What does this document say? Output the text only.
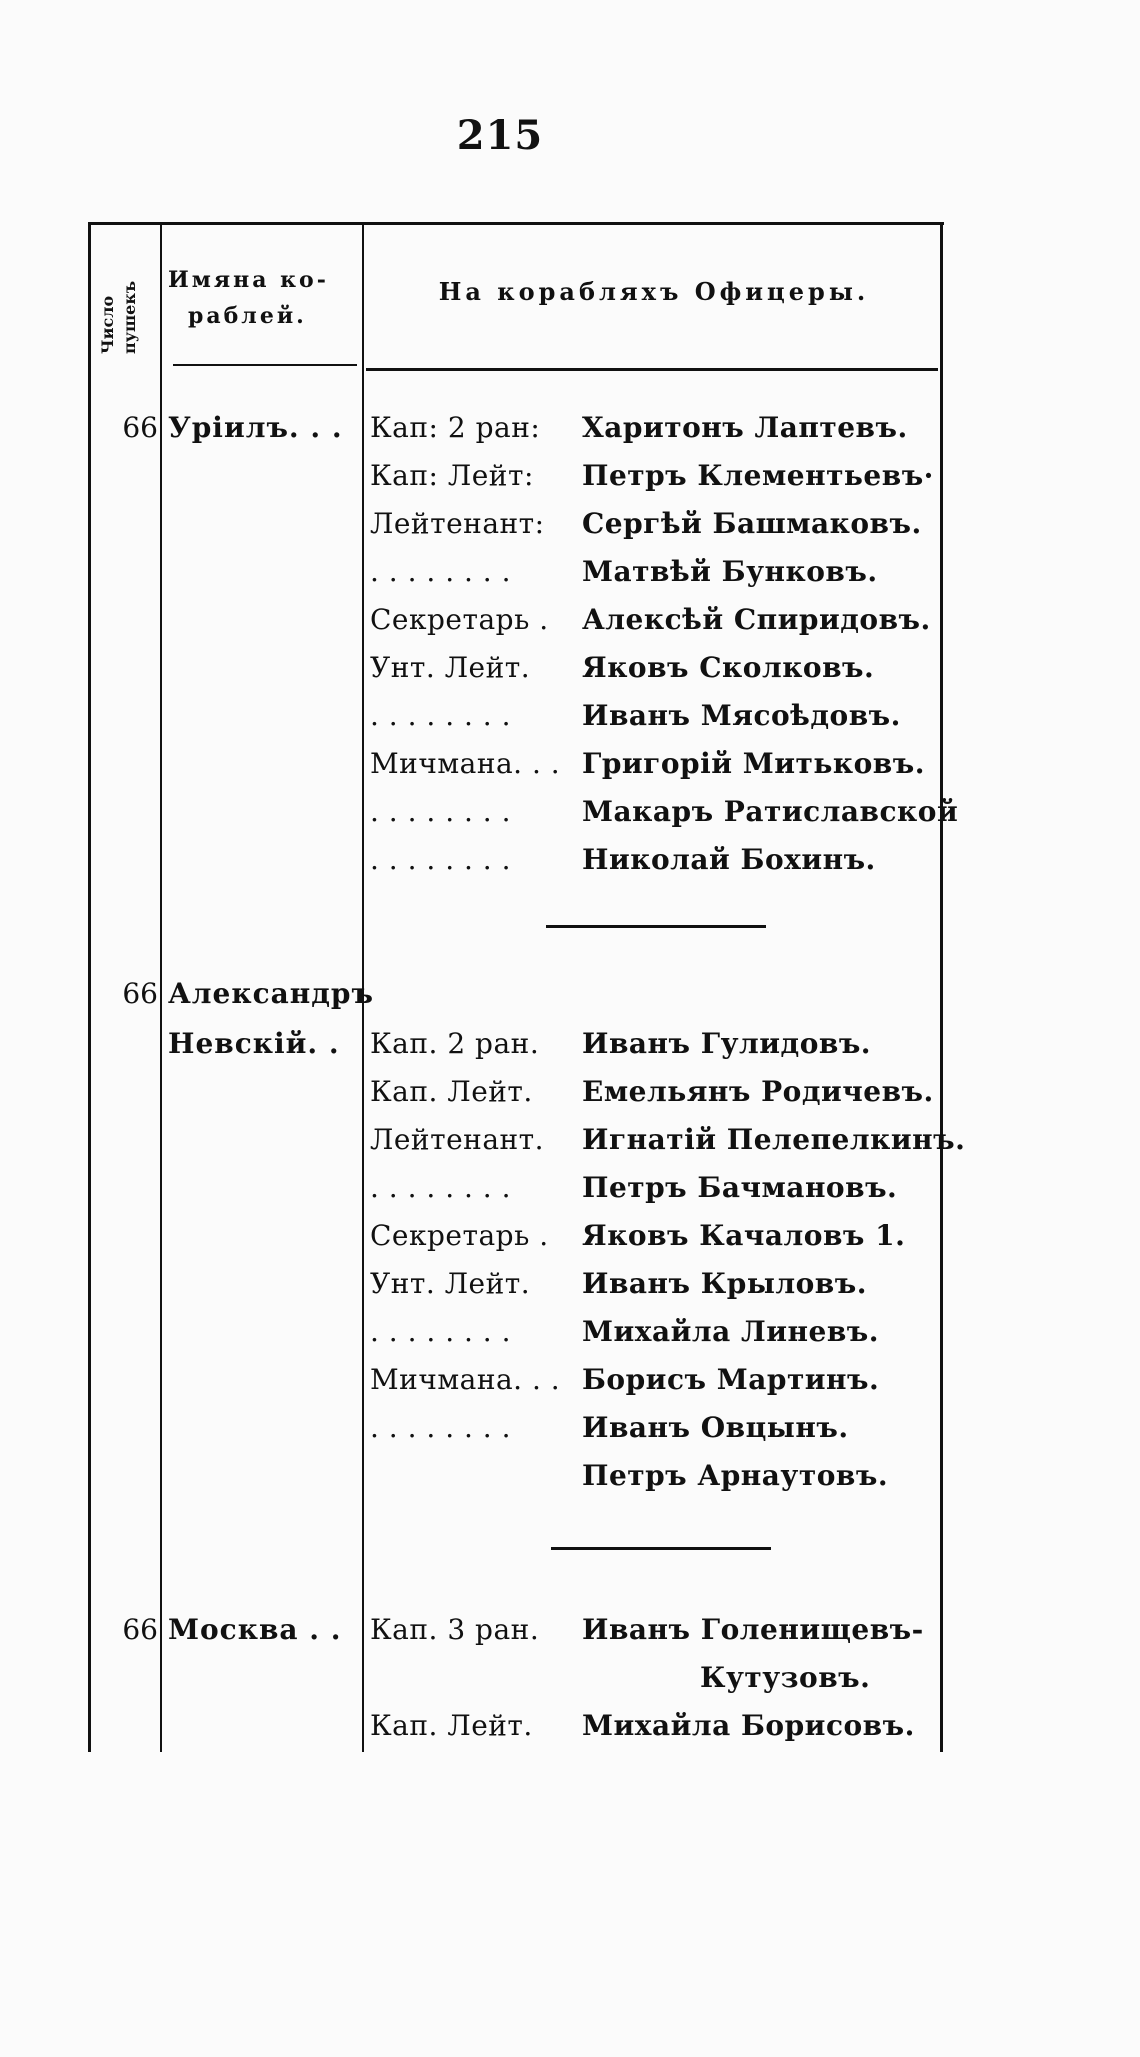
215
Число пушекъ
Имяна ко-
раблей.
На корабляхъ Офицеры.
66 Урiилъ. . . Кап: 2 ран: Харитонъ Лаптевъ.
Кап: Лейт: Петръ Клементьевъ·
Лейтенант: Сергѣй Башмаковъ.
. . . . . . . .	Матвѣй Бунковъ.
Секретарь . Алексѣй Спиридовъ.
Унт. Лейт. Яковъ Сколковъ.
. . . . . . . .	Иванъ Мясоѣдовъ.
Мичмана. . . Григорiй Митьковъ.
. . . . . . . .	Макаръ Ратиславской
. . . . . . . .	Николай Бохинъ.
66 Александръ
Невскiй. . Кап. 2 ран. Иванъ Гулидовъ.
Кап. Лейт. Емельянъ Родичевъ.
Лейтенант. Игнатiй Пелепелкинъ.
. . . . . . . .	Петръ Бачмановъ.
Секретарь . Яковъ Качаловъ 1.
Унт. Лейт. Иванъ Крыловъ.
. . . . . . . .	Михайла Линевъ.
Мичмана. . . Борисъ Мартинъ.
. . . . . . . .	Иванъ Овцынъ.
Петръ Арнаутовъ.
66 Москва . . Кап. 3 ран. Иванъ Голенищевъ-
Кутузовъ.
Кап. Лейт. Михайла Борисовъ.
